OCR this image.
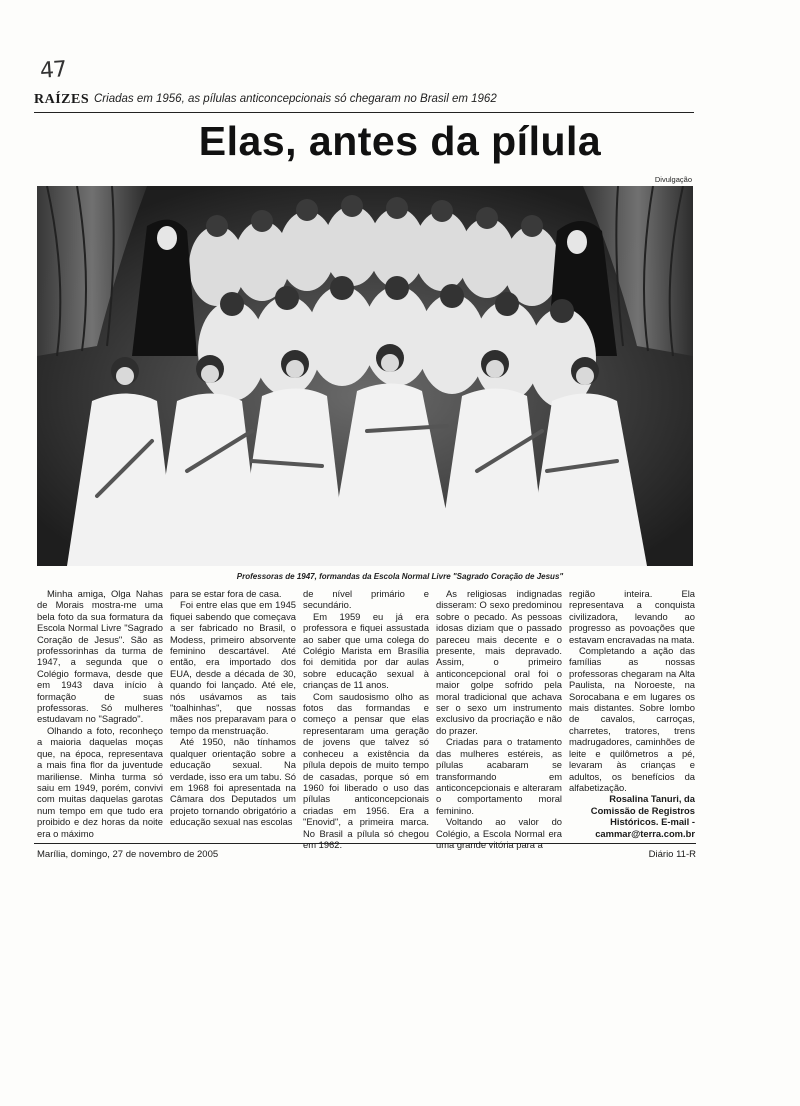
47
RAÍZES Criadas em 1956, as pílulas anticoncepcionais só chegaram no Brasil em 1962
Elas, antes da pílula
Divulgação
Professoras de 1947, formandas da Escola Normal Livre "Sagrado Coração de Jesus"

Minha amiga, Olga Nahas de Morais mostra-me uma bela foto da sua formatura da Escola Normal Livre "Sagrado Coração de Jesus". São as professorinhas da turma de 1947, a segunda que o Colégio formava, desde que em 1943 dava início à formação de suas professoras. Só mulheres estudavam no "Sagrado".

Olhando a foto, reconheço a maioria daquelas moças que, na época, representava a mais fina flor da juventude mariliense. Minha turma só saiu em 1949, porém, convivi com muitas daquelas garotas num tempo em que tudo era proibido e dez horas da noite era o máximo

para se estar fora de casa.

Foi entre elas que em 1945 fiquei sabendo que começava a ser fabricado no Brasil, o Modess, primeiro absorvente feminino descartável. Até então, era importado dos EUA, desde a década de 30, quando foi lançado. Até ele, nós usávamos as tais "toalhinhas", que nossas mães nos preparavam para o tempo da menstruação.

Até 1950, não tínhamos qualquer orientação sobre a educação sexual. Na verdade, isso era um tabu. Só em 1968 foi apresentada na Câmara dos Deputados um projeto tornando obrigatório a educação sexual nas escolas

de nível primário e secundário.

Em 1959 eu já era professora e fiquei assustada ao saber que uma colega do Colégio Marista em Brasília foi demitida por dar aulas sobre educação sexual à crianças de 11 anos.

Com saudosismo olho as fotos das formandas e começo a pensar que elas representaram uma geração de jovens que talvez só conheceu a existência da pílula depois de muito tempo de casadas, porque só em 1960 foi liberado o uso das pílulas anticoncepcionais criadas em 1956. Era a "Enovid", a primeira marca. No Brasil a pílula só chegou em 1962.

As religiosas indignadas disseram: O sexo predominou sobre o pecado. As pessoas idosas diziam que o passado pareceu mais decente e o presente, mais depravado. Assim, o primeiro anticoncepcional oral foi o maior golpe sofrido pela moral tradicional que achava ser o sexo um instrumento exclusivo da procriação e não do prazer.

Criadas para o tratamento das mulheres estéreis, as pílulas acabaram se transformando em anticoncepcionais e alteraram o comportamento moral feminino.

Voltando ao valor do Colégio, a Escola Normal era uma grande vitória para a

região inteira. Ela representava a conquista civilizadora, levando ao progresso as povoações que estavam encravadas na mata.

Completando a ação das famílias as nossas professoras chegaram na Alta Paulista, na Noroeste, na Sorocabana e em lugares os mais distantes. Sobre lombo de cavalos, carroças, charretes, tratores, trens madrugadores, caminhões de leite e quilômetros a pé, levaram às crianças e adultos, os benefícios da alfabetização.

Rosalina Tanuri, da Comissão de Registros Históricos. E-mail - cammar@terra.com.br

Marília, domingo, 27 de novembro de 2005	Diário 11-R
